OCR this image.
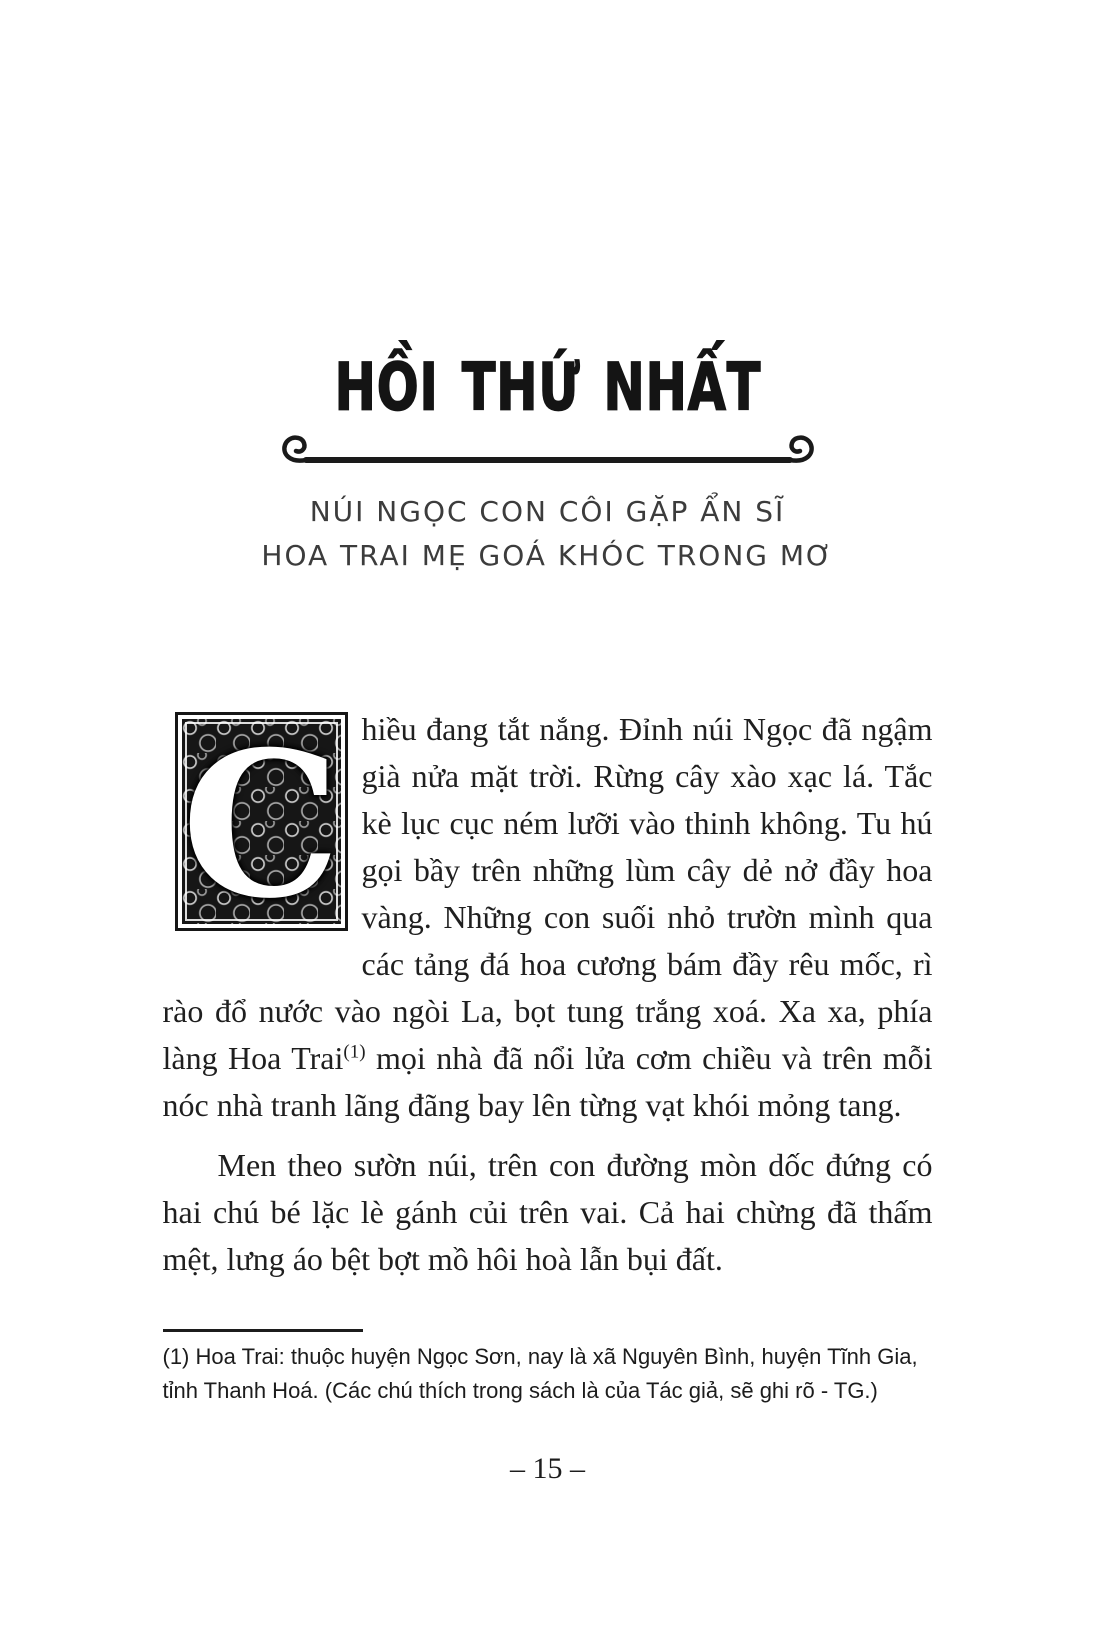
HỒI THỨ NHẤT
NÚI NGỌC CON CÔI GẶP ẨN SĨ
HOA TRAI MẸ GOÁ KHÓC TRONG MƠ

C hiều đang tắt nắng. Đỉnh núi Ngọc đã ngậm già nửa mặt trời. Rừng cây xào xạc lá. Tắc kè lục cục ném lưỡi vào thinh không. Tu hú gọi bầy trên những lùm cây dẻ nở đầy hoa vàng. Những con suối nhỏ trườn mình qua các tảng đá hoa cương bám đầy rêu mốc, rì rào đổ nước vào ngòi La, bọt tung trắng xoá. Xa xa, phía làng Hoa Trai$^{(1)}$ mọi nhà đã nổi lửa cơm chiều và trên mỗi nóc nhà tranh lãng đãng bay lên từng vạt khói mỏng tang.

Men theo sườn núi, trên con đường mòn dốc đứng có hai chú bé lặc lè gánh củi trên vai. Cả hai chừng đã thấm mệt, lưng áo bệt bợt mồ hôi hoà lẫn bụi đất.

(1) Hoa Trai: thuộc huyện Ngọc Sơn, nay là xã Nguyên Bình, huyện Tĩnh Gia, tỉnh Thanh Hoá. (Các chú thích trong sách là của Tác giả, sẽ ghi rõ - TG.)

– 15 –
